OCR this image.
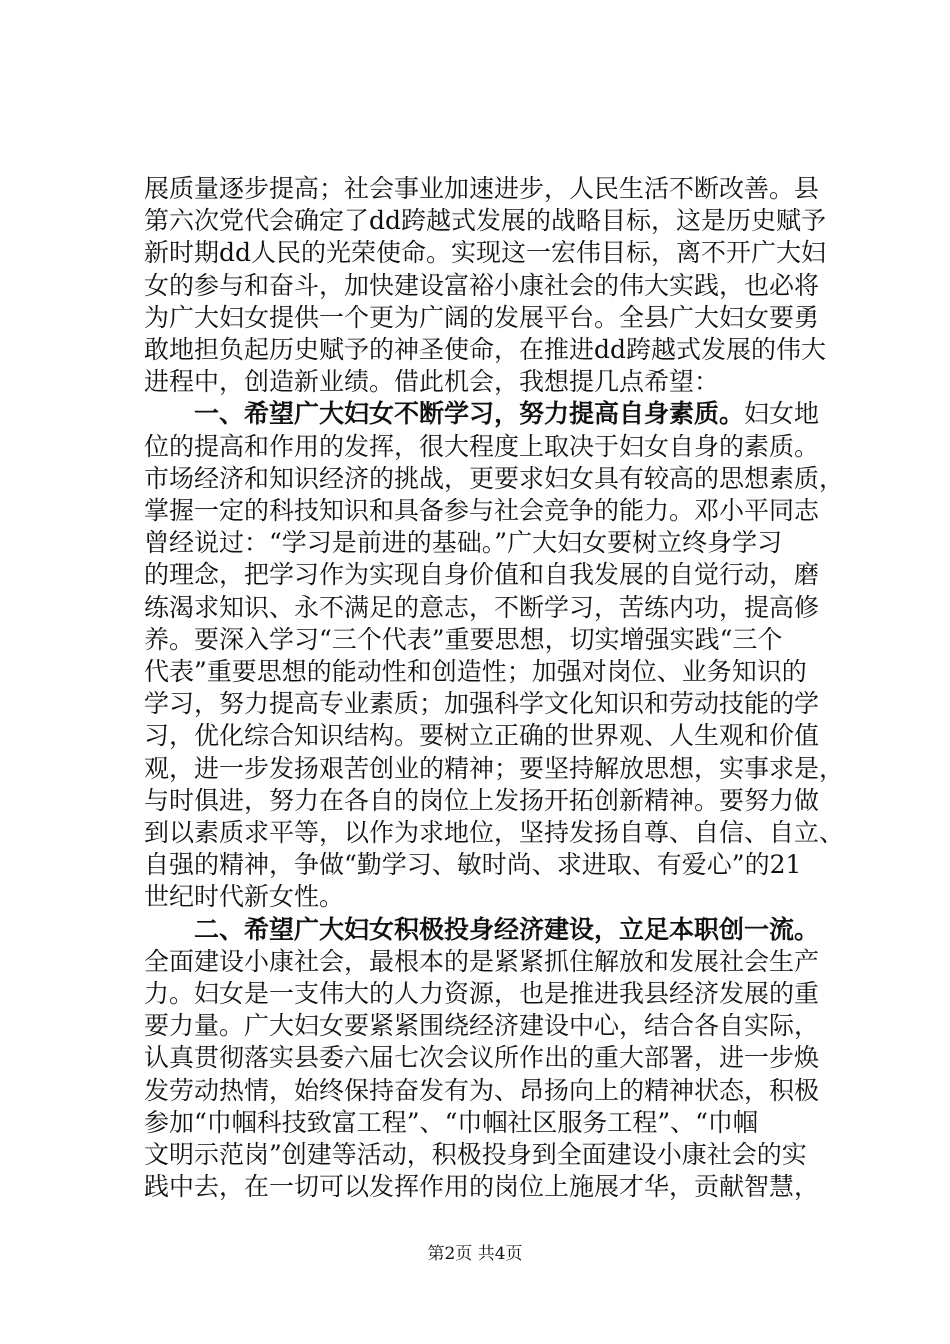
展质量逐步提高；社会事业加速进步，人民生活不断改善。县
第六次党代会确定了dd跨越式发展的战略目标，这是历史赋予
新时期dd人民的光荣使命。实现这一宏伟目标，离不开广大妇
女的参与和奋斗，加快建设富裕小康社会的伟大实践，也必将
为广大妇女提供一个更为广阔的发展平台。全县广大妇女要勇
敢地担负起历史赋予的神圣使命，在推进dd跨越式发展的伟大
进程中，创造新业绩。借此机会，我想提几点希望：
一、希望广大妇女不断学习，努力提高自身素质。妇女地
位的提高和作用的发挥，很大程度上取决于妇女自身的素质。
市场经济和知识经济的挑战，更要求妇女具有较高的思想素质，
掌握一定的科技知识和具备参与社会竞争的能力。邓小平同志
曾经说过：“学习是前进的基础。”广大妇女要树立终身学习
的理念，把学习作为实现自身价值和自我发展的自觉行动，磨
练渴求知识、永不满足的意志，不断学习，苦练内功，提高修
养。要深入学习“三个代表”重要思想，切实增强实践“三个
代表”重要思想的能动性和创造性；加强对岗位、业务知识的
学习，努力提高专业素质；加强科学文化知识和劳动技能的学
习，优化综合知识结构。要树立正确的世界观、人生观和价值
观，进一步发扬艰苦创业的精神；要坚持解放思想，实事求是，
与时俱进，努力在各自的岗位上发扬开拓创新精神。要努力做
到以素质求平等，以作为求地位，坚持发扬自尊、自信、自立、
自强的精神，争做“勤学习、敏时尚、求进取、有爱心”的21
世纪时代新女性。
二、希望广大妇女积极投身经济建设，立足本职创一流。
全面建设小康社会，最根本的是紧紧抓住解放和发展社会生产
力。妇女是一支伟大的人力资源，也是推进我县经济发展的重
要力量。广大妇女要紧紧围绕经济建设中心，结合各自实际，
认真贯彻落实县委六届七次会议所作出的重大部署，进一步焕
发劳动热情，始终保持奋发有为、昂扬向上的精神状态，积极
参加“巾帼科技致富工程”、“巾帼社区服务工程”、“巾帼
文明示范岗”创建等活动，积极投身到全面建设小康社会的实
践中去，在一切可以发挥作用的岗位上施展才华，贡献智慧，
第2页 共4页
